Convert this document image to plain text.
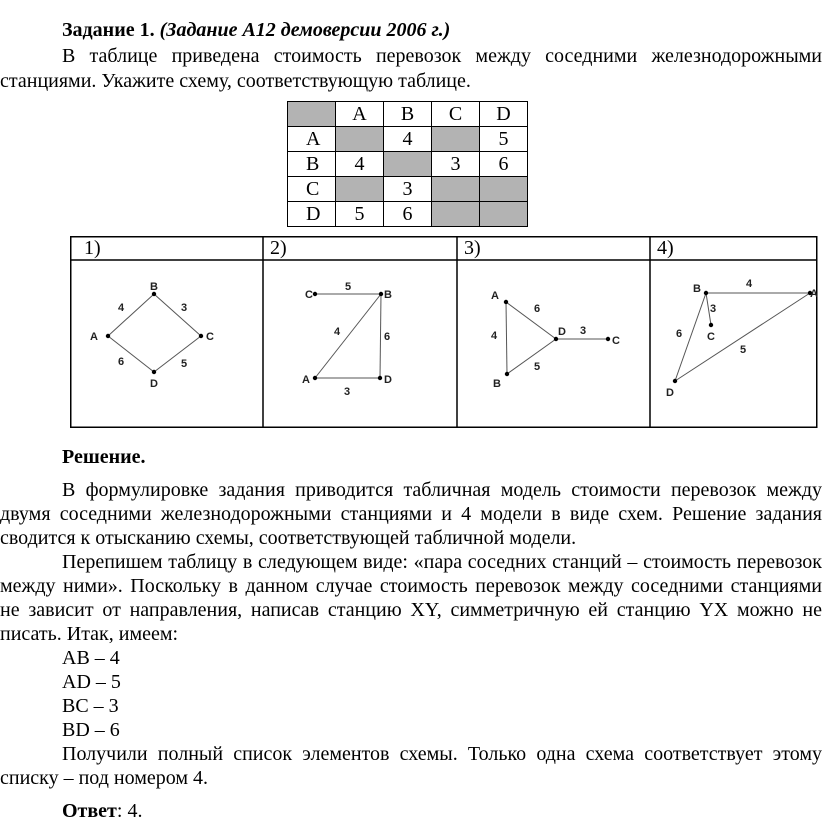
Задание 1. (Задание А12 демоверсии 2006 г.)
В таблице приведена стоимость перевозок между соседними железнодорожными
станциями. Укажите схему, соответствующую таблице.
	A	B	C	D
A		4		5
B	4		3	6
C		3		
D	5	6		
A
B
C
D
4	3
6	5
C	B
A	D
5
4	6
3
A
D
B
C
6
4
5
3
B	A
C
D
4
3
6
5
1)	2)	3)	4)
Решение.
В формулировке задания приводится табличная модель стоимости перевозок между
двумя соседними железнодорожными станциями и 4 модели в виде схем. Решение задания
сводится к отысканию схемы, соответствующей табличной модели.
Перепишем таблицу в следующем виде: «пара соседних станций – стоимость перевозок
между ними». Поскольку в данном случае стоимость перевозок между соседними станциями
не зависит от направления, написав станцию XY, симметричную ей станцию YX можно не
писать. Итак, имеем:
AB – 4
AD – 5
BC – 3
BD – 6
Получили полный список элементов схемы. Только одна схема соответствует этому
списку – под номером 4.
Ответ: 4.
